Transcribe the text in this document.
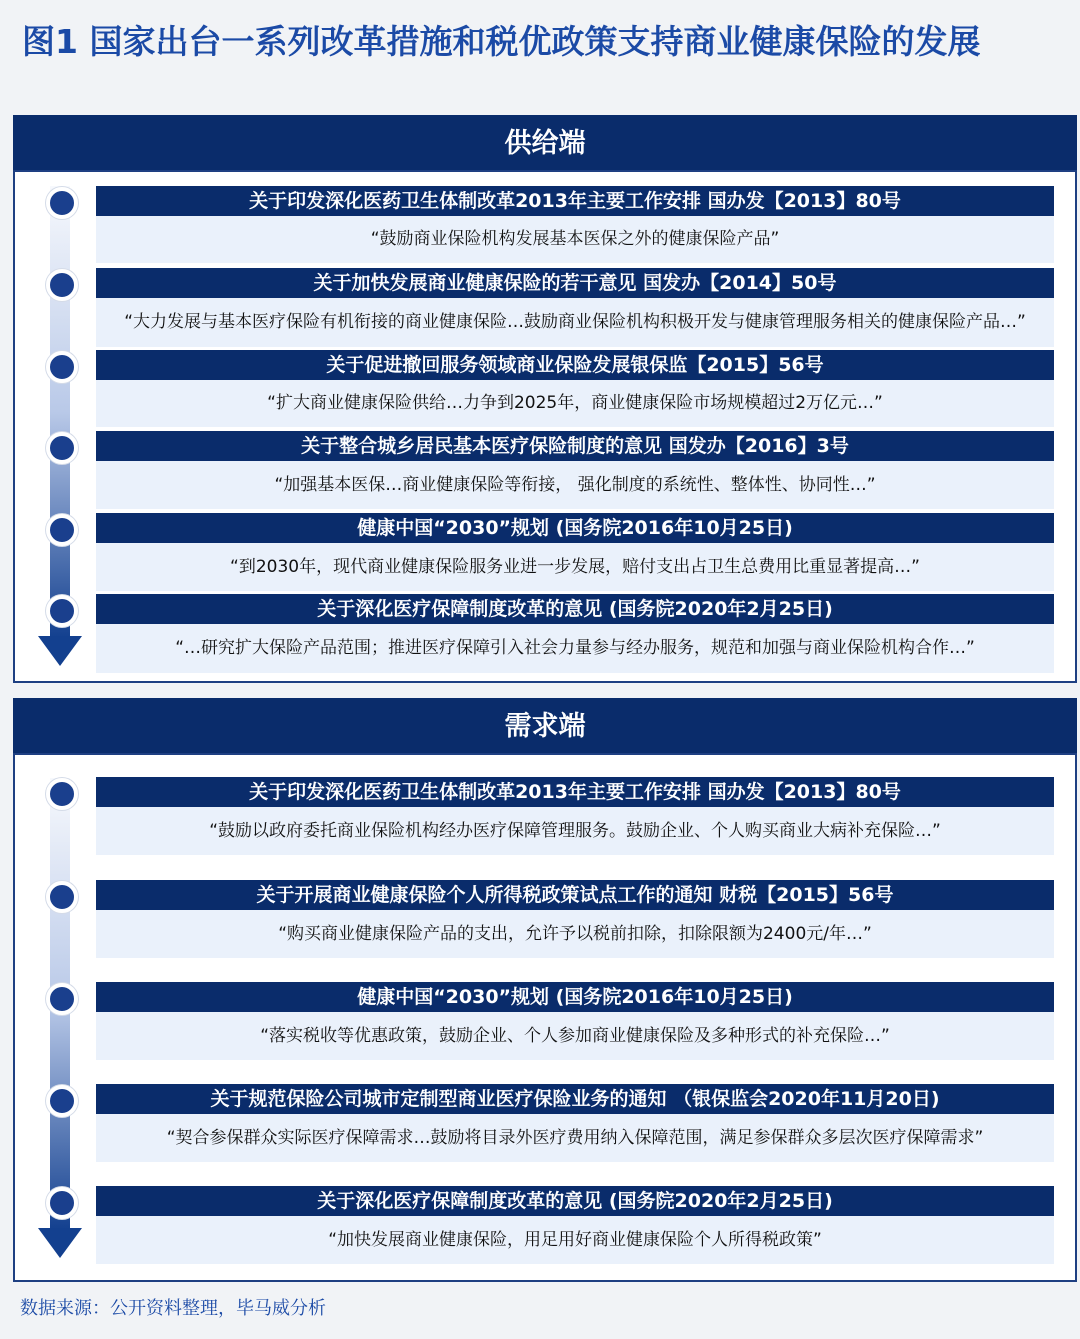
图1 国家出台一系列改革措施和税优政策支持商业健康保险的发展
供给端
关于印发深化医药卫生体制改革2013年主要工作安排 国办发【2013】80号
“鼓励商业保险机构发展基本医保之外的健康保险产品”
关于加快发展商业健康保险的若干意见 国发办【2014】50号
“大力发展与基本医疗保险有机衔接的商业健康保险…鼓励商业保险机构积极开发与健康管理服务相关的健康保险产品…”
关于促进撤回服务领域商业保险发展银保监【2015】56号
“扩大商业健康保险供给…力争到2025年，商业健康保险市场规模超过2万亿元…”
关于整合城乡居民基本医疗保险制度的意见 国发办【2016】3号
“加强基本医保…商业健康保险等衔接， 强化制度的系统性、整体性、协同性…”
健康中国“2030”规划 (国务院2016年10月25日)
“到2030年，现代商业健康保险服务业进一步发展，赔付支出占卫生总费用比重显著提高…”
关于深化医疗保障制度改革的意见 (国务院2020年2月25日)
“…研究扩大保险产品范围；推进医疗保障引入社会力量参与经办服务，规范和加强与商业保险机构合作…”
需求端
关于印发深化医药卫生体制改革2013年主要工作安排 国办发【2013】80号
“鼓励以政府委托商业保险机构经办医疗保障管理服务。鼓励企业、个人购买商业大病补充保险…”
关于开展商业健康保险个人所得税政策试点工作的通知 财税【2015】56号
“购买商业健康保险产品的支出，允许予以税前扣除，扣除限额为2400元/年…”
健康中国“2030”规划 (国务院2016年10月25日)
“落实税收等优惠政策，鼓励企业、个人参加商业健康保险及多种形式的补充保险…”
关于规范保险公司城市定制型商业医疗保险业务的通知 （银保监会2020年11月20日)
“契合参保群众实际医疗保障需求…鼓励将目录外医疗费用纳入保障范围，满足参保群众多层次医疗保障需求”
关于深化医疗保障制度改革的意见 (国务院2020年2月25日)
“加快发展商业健康保险，用足用好商业健康保险个人所得税政策”
数据来源：公开资料整理，毕马威分析
